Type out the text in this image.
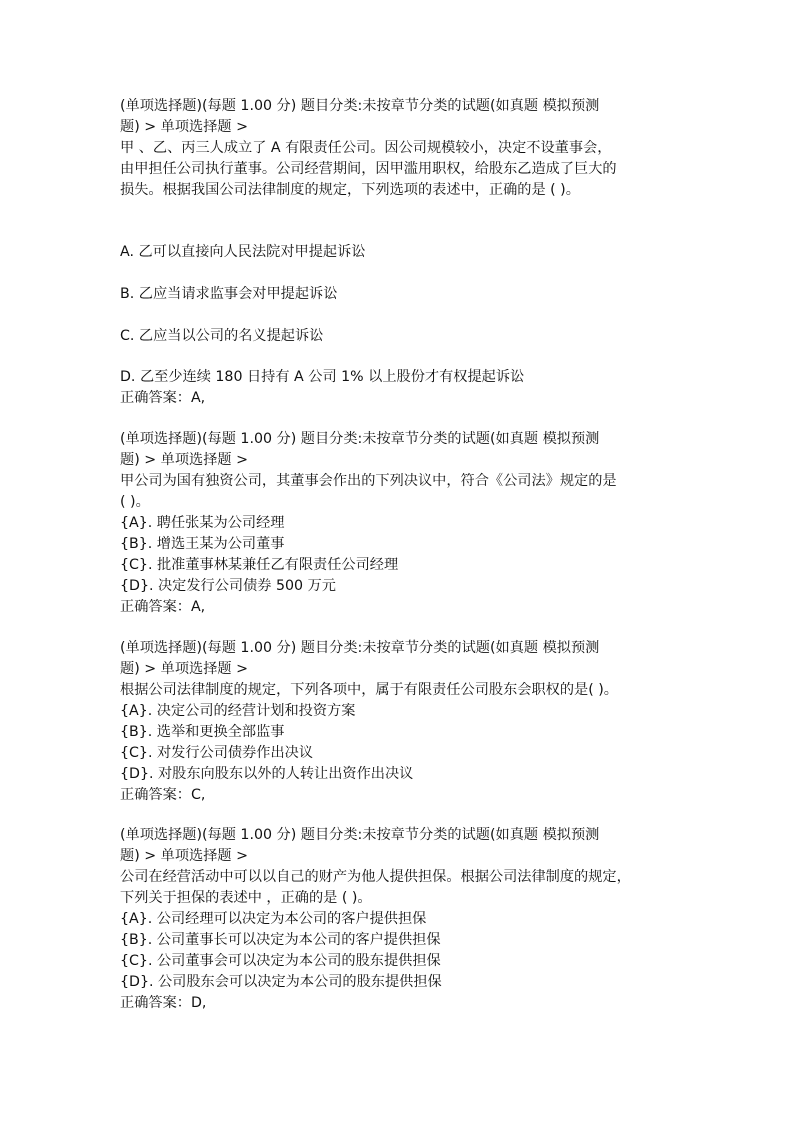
(单项选择题)(每题 1.00 分) 题目分类:未按章节分类的试题(如真题 模拟预测
题) > 单项选择题 >
甲 、乙、丙三人成立了 A 有限责任公司。因公司规模较小，决定不设董事会，
由甲担任公司执行董事。公司经营期间，因甲滥用职权，给股东乙造成了巨大的
损失。根据我国公司法律制度的规定，下列选项的表述中，正确的是 ( )。
A. 乙可以直接向人民法院对甲提起诉讼
B. 乙应当请求监事会对甲提起诉讼
C. 乙应当以公司的名义提起诉讼
D. 乙至少连续 180 日持有 A 公司 1% 以上股份才有权提起诉讼
正确答案：A,
(单项选择题)(每题 1.00 分) 题目分类:未按章节分类的试题(如真题 模拟预测
题) > 单项选择题 >
甲公司为国有独资公司，其董事会作出的下列决议中，符合《公司法》规定的是
( )。
{A}. 聘任张某为公司经理
{B}. 增选王某为公司董事
{C}. 批准董事林某兼任乙有限责任公司经理
{D}. 决定发行公司债券 500 万元
正确答案：A,
(单项选择题)(每题 1.00 分) 题目分类:未按章节分类的试题(如真题 模拟预测
题) > 单项选择题 >
根据公司法律制度的规定，下列各项中，属于有限责任公司股东会职权的是( )。
{A}. 决定公司的经营计划和投资方案
{B}. 选举和更换全部监事
{C}. 对发行公司债券作出决议
{D}. 对股东向股东以外的人转让出资作出决议
正确答案：C,
(单项选择题)(每题 1.00 分) 题目分类:未按章节分类的试题(如真题 模拟预测
题) > 单项选择题 >
公司在经营活动中可以以自己的财产为他人提供担保。根据公司法律制度的规定，
下列关于担保的表述中 ，正确的是 ( )。
{A}. 公司经理可以决定为本公司的客户提供担保
{B}. 公司董事长可以决定为本公司的客户提供担保
{C}. 公司董事会可以决定为本公司的股东提供担保
{D}. 公司股东会可以决定为本公司的股东提供担保
正确答案：D,
